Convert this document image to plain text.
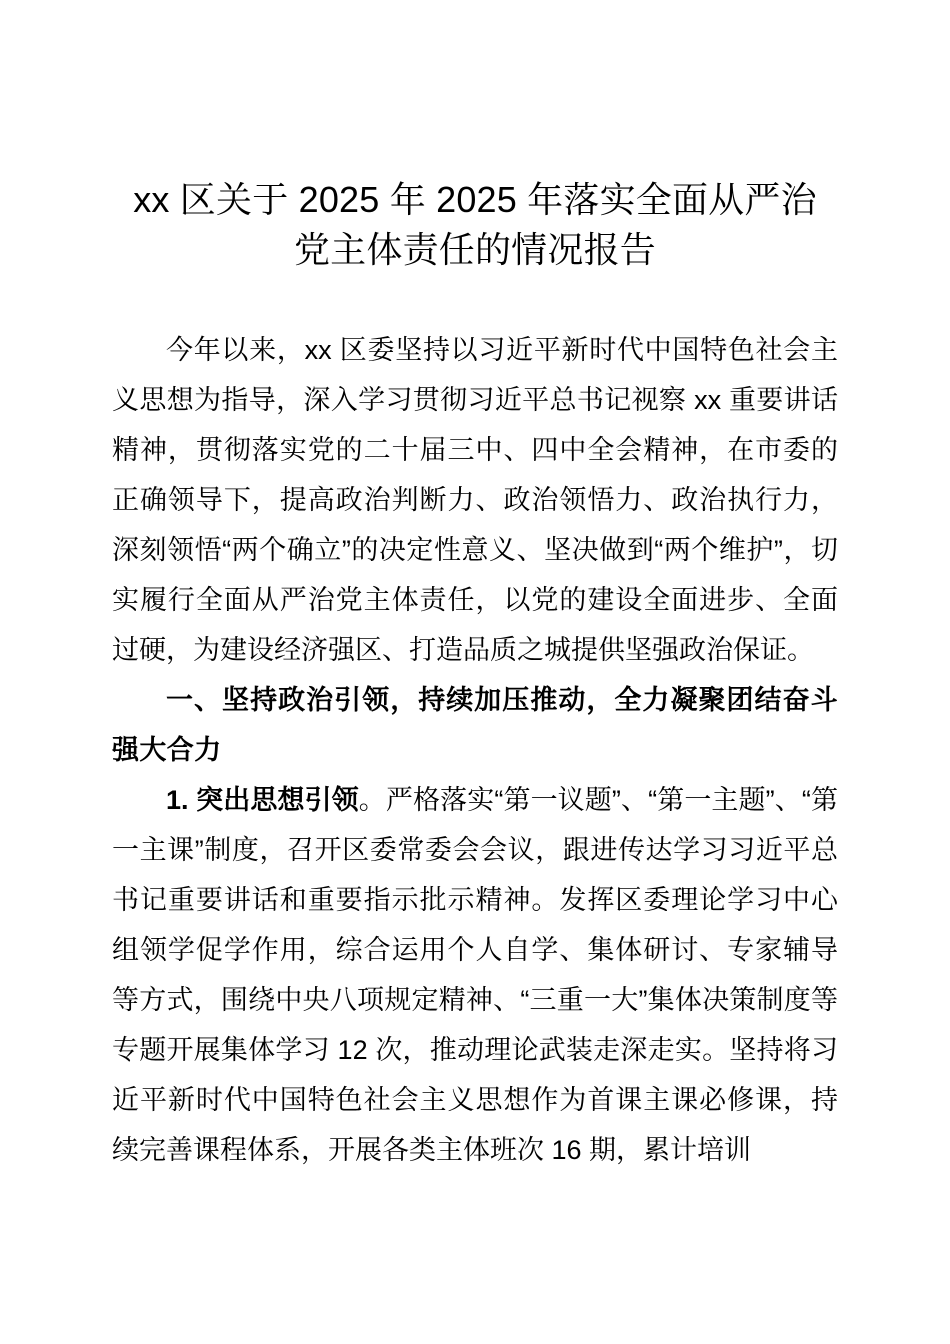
xx 区关于 2025 年 2025 年落实全面从严治
党主体责任的情况报告

今年以来，xx 区委坚持以习近平新时代中国特色社会主义思想为指导，深入学习贯彻习近平总书记视察 xx 重要讲话精神，贯彻落实党的二十届三中、四中全会精神，在市委的正确领导下，提高政治判断力、政治领悟力、政治执行力，深刻领悟“两个确立”的决定性意义、坚决做到“两个维护”，切实履行全面从严治党主体责任，以党的建设全面进步、全面过硬，为建设经济强区、打造品质之城提供坚强政治保证。

一、坚持政治引领，持续加压推动，全力凝聚团结奋斗强大合力

1. 突出思想引领。严格落实“第一议题”、“第一主题”、“第一主课”制度，召开区委常委会会议，跟进传达学习习近平总书记重要讲话和重要指示批示精神。发挥区委理论学习中心组领学促学作用，综合运用个人自学、集体研讨、专家辅导等方式，围绕中央八项规定精神、“三重一大”集体决策制度等专题开展集体学习 12 次，推动理论武装走深走实。坚持将习近平新时代中国特色社会主义思想作为首课主课必修课，持续完善课程体系，开展各类主体班次 16 期，累计培训
